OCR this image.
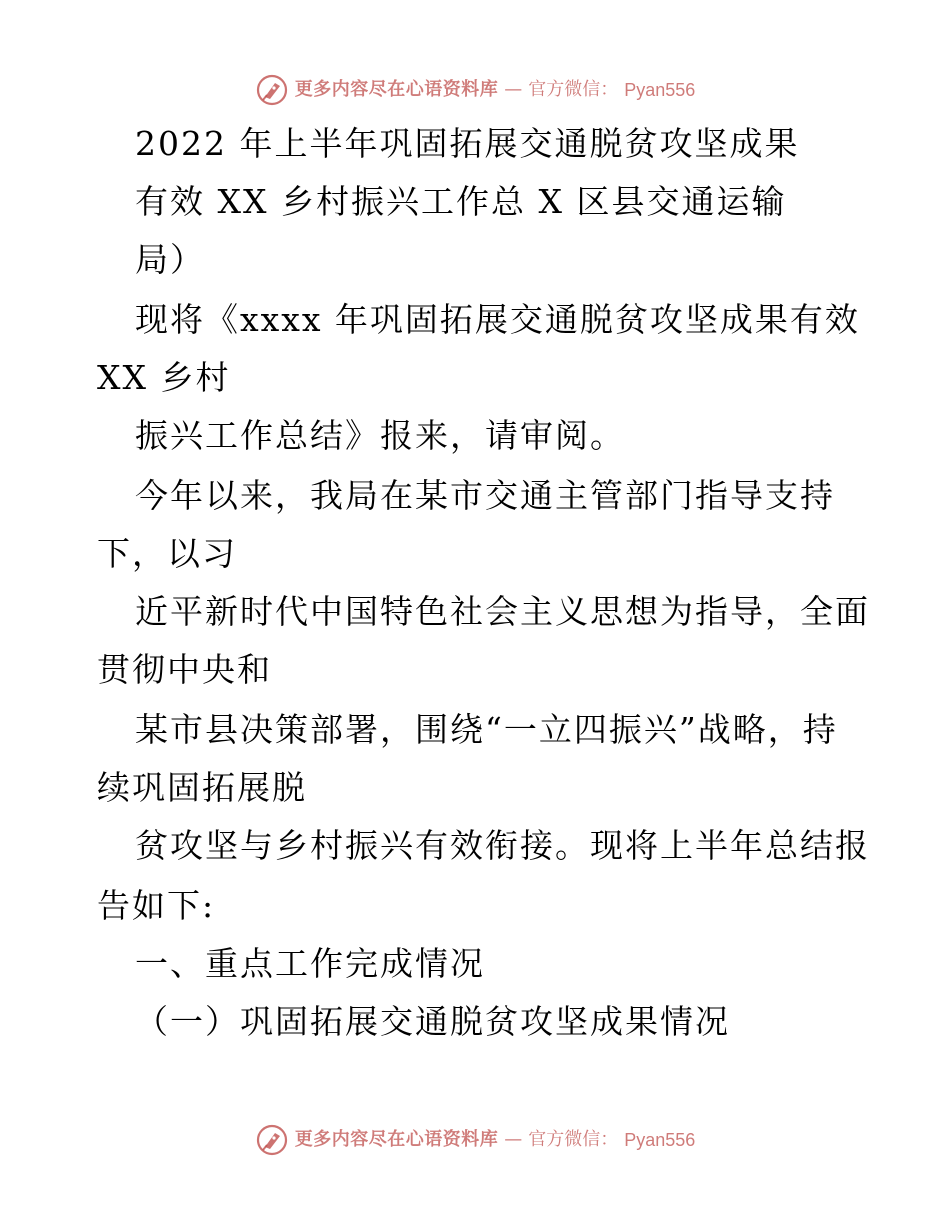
更多内容尽在心语资料库 — 官方微信： Pyan556
2022 年上半年巩固拓展交通脱贫攻坚成果
有效 XX 乡村振兴工作总 X 区县交通运输
局）
现将《xxxx 年巩固拓展交通脱贫攻坚成果有效
XX 乡村
振兴工作总结》报来，请审阅。
今年以来，我局在某市交通主管部门指导支持
下，以习
近平新时代中国特色社会主义思想为指导，全面
贯彻中央和
某市县决策部署，围绕“一立四振兴”战略，持
续巩固拓展脱
贫攻坚与乡村振兴有效衔接。现将上半年总结报
告如下:
一、重点工作完成情况
（一）巩固拓展交通脱贫攻坚成果情况
更多内容尽在心语资料库 — 官方微信： Pyan556
